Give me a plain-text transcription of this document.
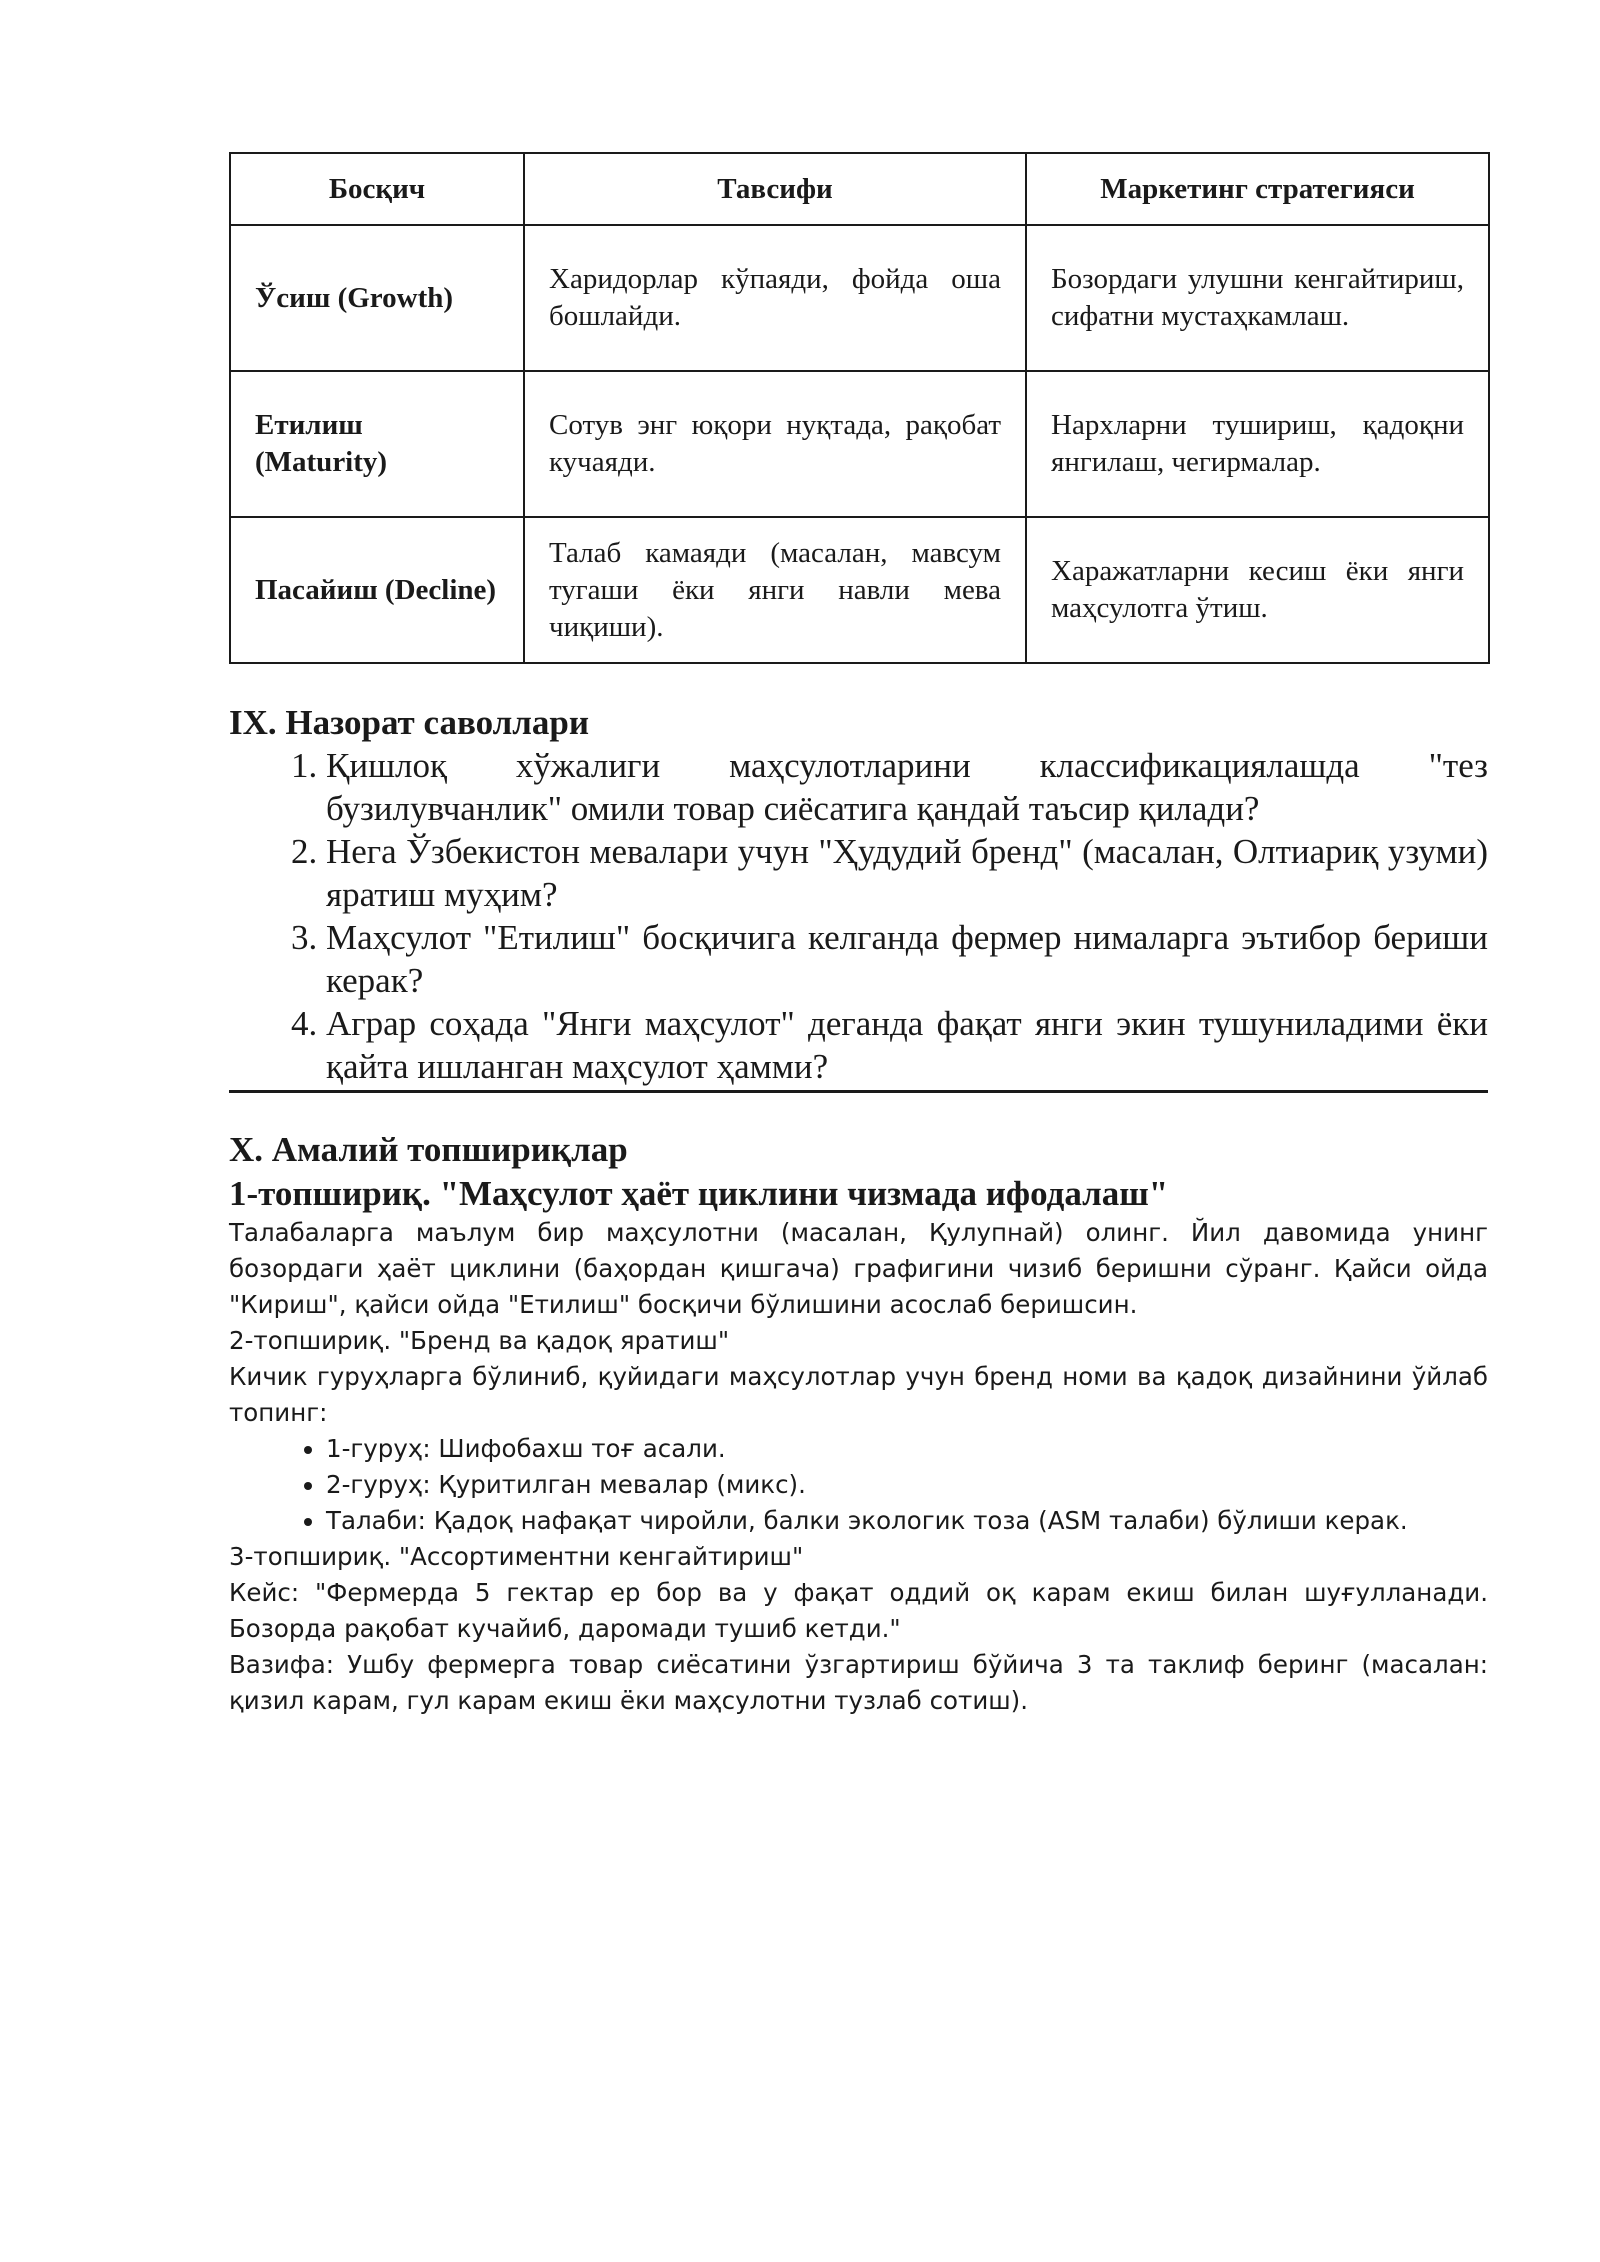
Босқич	Тавсифи	Маркетинг стратегияси
Ўсиш (Growth)	Харидорлар кўпаяди, фойда оша бошлайди.	Бозордаги улушни кенгайтириш, сифатни мустаҳкамлаш.
Етилиш (Maturity)	Сотув энг юқори нуқтада, рақобат кучаяди.	Нархларни тушириш, қадоқни янгилаш, чегирмалар.
Пасайиш (Decline)	Талаб камаяди (масалан, мавсум тугаши ёки янги навли мева чиқиши).	Харажатларни кесиш ёки янги маҳсулотга ўтиш.
IX. Назорат саволлари
1. Қишлоқ хўжалиги маҳсулотларини классификациялашда "тез бузилувчанлик" омили товар сиёсатига қандай таъсир қилади?
2. Нега Ўзбекистон мевалари учун "Ҳудудий бренд" (масалан, Олтиариқ узуми) яратиш муҳим?
3. Маҳсулот "Етилиш" босқичига келганда фермер нималарга эътибор бериши керак?
4. Аграр соҳада "Янги маҳсулот" деганда фақат янги экин тушуниладими ёки қайта ишланган маҳсулот ҳамми?
X. Амалий топшириқлар
1-топшириқ. "Маҳсулот ҳаёт циклини чизмада ифодалаш"

Талабаларга маълум бир маҳсулотни (масалан, Қулупнай) олинг. Йил давомида унинг бозордаги ҳаёт циклини (баҳордан қишгача) графигини чизиб беришни сўранг. Қайси ойда "Кириш", қайси ойда "Етилиш" босқичи бўлишини асослаб беришсин.

2-топшириқ. "Бренд ва қадоқ яратиш"

Кичик гуруҳларга бўлиниб, қуйидаги маҳсулотлар учун бренд номи ва қадоқ дизайнини ўйлаб топинг:

• 1-гуруҳ: Шифобахш тоғ асали.
• 2-гуруҳ: Қуритилган мевалар (микс).
• Талаби: Қадоқ нафақат чиройли, балки экологик тоза (ASM талаби) бўлиши керак.

3-топшириқ. "Ассортиментни кенгайтириш"

Кейс: "Фермерда 5 гектар ер бор ва у фақат оддий оқ карам екиш билан шуғулланади. Бозорда рақобат кучайиб, даромади тушиб кетди."

Вазифа: Ушбу фермерга товар сиёсатини ўзгартириш бўйича 3 та таклиф беринг (масалан: қизил карам, гул карам екиш ёки маҳсулотни тузлаб сотиш).
